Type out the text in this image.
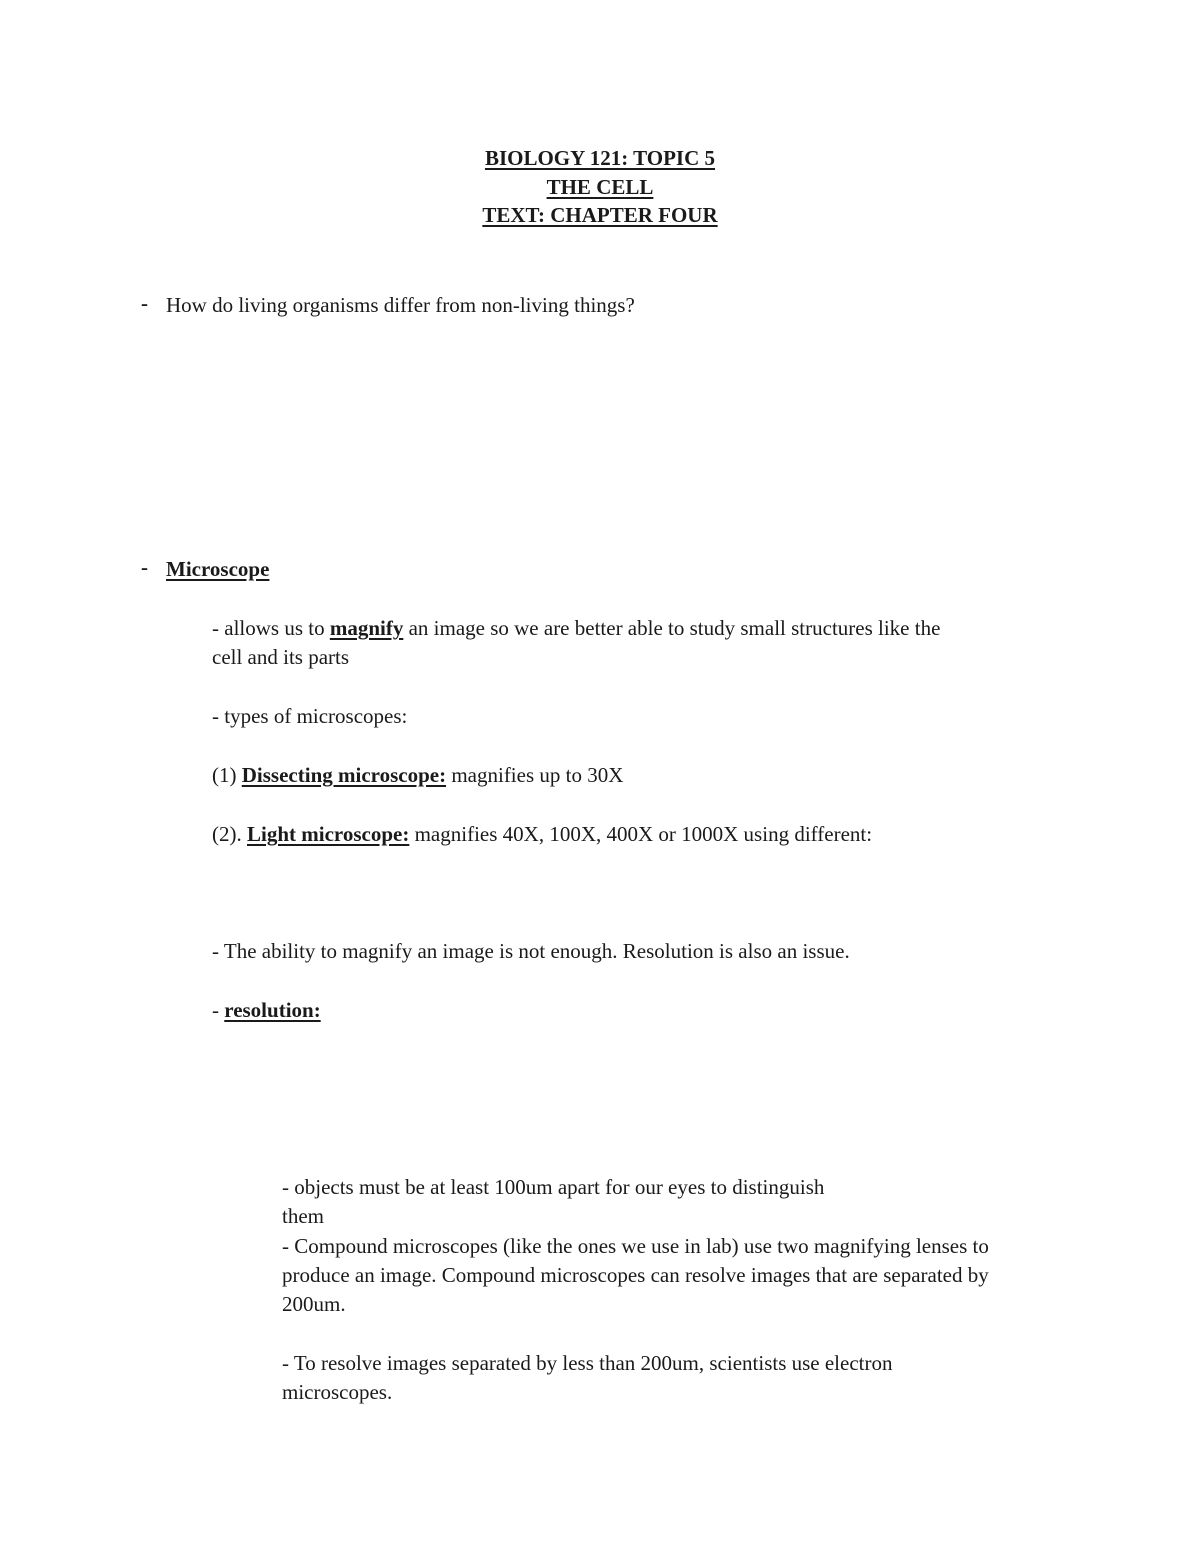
BIOLOGY 121: TOPIC 5
THE CELL
TEXT: CHAPTER FOUR
- How do living organisms differ from non-living things?
- Microscope
- allows us to magnify an image so we are better able to study small structures like the
cell and its parts
- types of microscopes:
(1) Dissecting microscope: magnifies up to 30X
(2). Light microscope: magnifies 40X, 100X, 400X or 1000X using different:
- The ability to magnify an image is not enough. Resolution is also an issue.
- resolution:
- objects must be at least 100um apart for our eyes to distinguish them
- Compound microscopes (like the ones we use in lab) use two magnifying lenses to produce an image. Compound microscopes can resolve images that are separated by 200um.
- To resolve images separated by less than 200um, scientists use electron microscopes.
